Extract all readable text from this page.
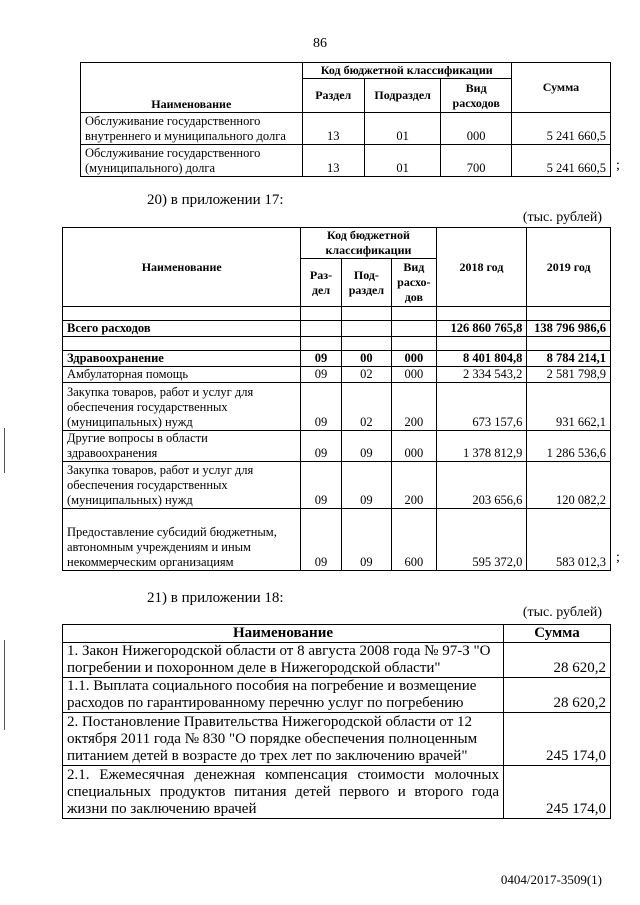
86
Наименование	Код бюджетной классификации			Сумма
	Раздел	Подраздел	Вид расходов	
Обслуживание государственного внутреннего и муниципального долга	13	01	000	5 241 660,5
Обслуживание государственного (муниципального) долга	13	01	700	5 241 660,5 ;
20) в приложении 17:
(тыс. рублей)
Наименование	Код бюджетной классификации			2018 год	2019 год
	Раз- дел	Под- раздел	Вид расхо- дов		

Всего расходов				126 860 765,8	138 796 986,6

Здравоохранение	09	00	000	8 401 804,8	8 784 214,1
Амбулаторная помощь	09	02	000	2 334 543,2	2 581 798,9
Закупка товаров, работ и услуг для обеспечения государственных (муниципальных) нужд	09	02	200	673 157,6	931 662,1
Другие вопросы в области здравоохранения	09	09	000	1 378 812,9	1 286 536,6
Закупка товаров, работ и услуг для обеспечения государственных (муниципальных) нужд	09	09	200	203 656,6	120 082,2
Предоставление субсидий бюджетным, автономным учреждениям и иным некоммерческим организациям	09	09	600	595 372,0	583 012,3 ;
21) в приложении 18:
(тыс. рублей)
Наименование	Сумма
1. Закон Нижегородской области от 8 августа 2008 года № 97-З "О погребении и похоронном деле в Нижегородской области"	28 620,2
1.1. Выплата социального пособия на погребение и возмещение расходов по гарантированному перечню услуг по погребению	28 620,2
2. Постановление Правительства Нижегородской области от 12 октября 2011 года № 830 "О порядке обеспечения полноценным питанием детей в возрасте до трех лет по заключению врачей"	245 174,0
2.1. Ежемесячная денежная компенсация стоимости молочных специальных продуктов питания детей первого и второго года жизни по заключению врачей	245 174,0
0404/2017-3509(1)
